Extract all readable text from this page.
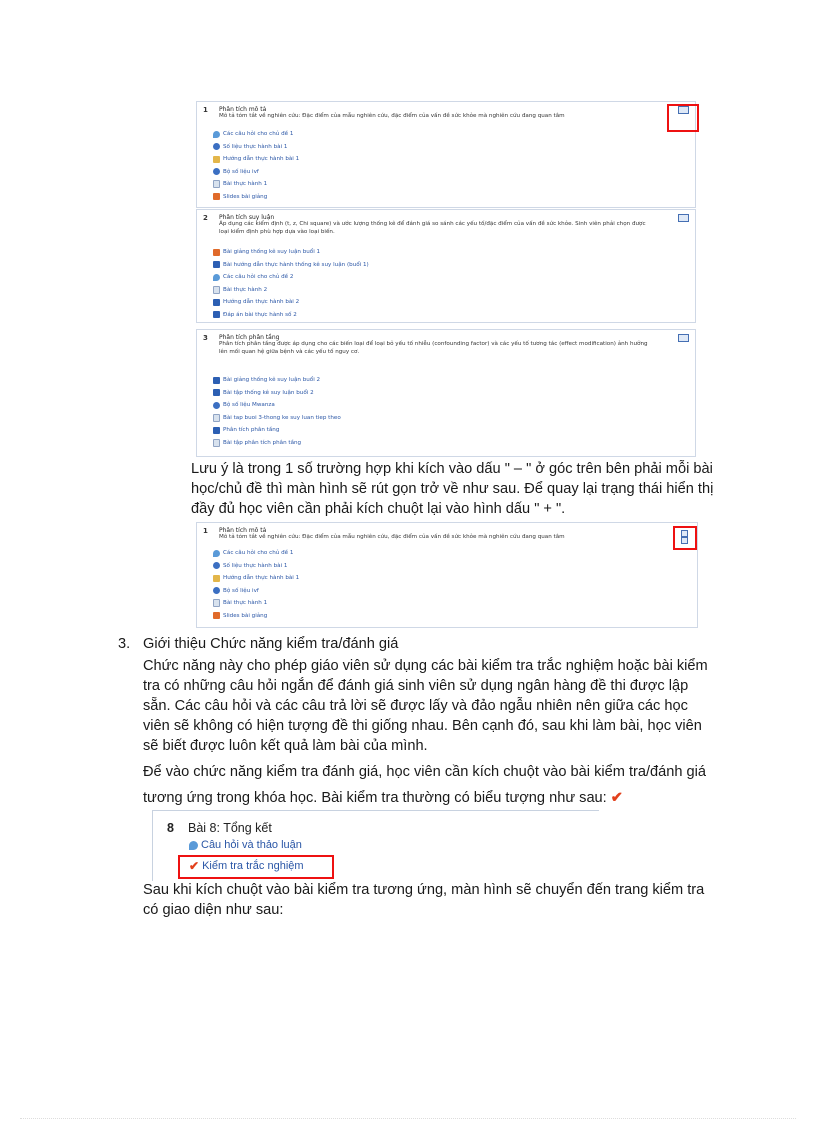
1 Phân tích mô tả
Mô tả tóm tắt về nghiên cứu: Đặc điểm của mẫu nghiên cứu, đặc điểm của vấn đề sức khỏe mà nghiên cứu đang quan tâm
Các câu hỏi cho chủ đề 1
Số liệu thực hành bài 1
Hướng dẫn thực hành bài 1
Bộ số liệu ivf
Bài thực hành 1
Slides bài giảng
2 Phân tích suy luận
Áp dụng các kiểm định (t, z, Chi square) và ước lượng thống kê để đánh giá so sánh các yếu tố/đặc điểm của vấn đề sức khỏe. Sinh viên phải chọn được loại kiểm định phù hợp dựa vào loại biến.
Bài giảng thống kê suy luận buổi 1
Bài hướng dẫn thực hành thống kê suy luận (buổi 1)
Các câu hỏi cho chủ đề 2
Bài thực hành 2
Hướng dẫn thực hành bài 2
Đáp án bài thực hành số 2
3 Phân tích phân tầng
Phân tích phân tầng được áp dụng cho các biến loại để loại bỏ yếu tố nhiễu (confounding factor) và các yếu tố tương tác (effect modification) ảnh hưởng lên mối quan hệ giữa bệnh và các yếu tố nguy cơ.
Bài giảng thống kê suy luận buổi 2
Bài tập thống kê suy luận buổi 2
Bộ số liệu Mwanza
Bài tap buoi 3-thong ke suy luan tiep theo
Phân tích phân tầng
Bài tập phân tích phân tầng

Lưu ý là trong 1 số trường hợp khi kích vào dấu " – " ở góc trên bên phải mỗi bài
học/chủ đề thì màn hình sẽ rút gọn trở về như sau. Để quay lại trạng thái hiển thị
đầy đủ học viên cần phải kích chuột lại vào hình dấu " + ".

1 Phân tích mô tả
Mô tả tóm tắt về nghiên cứu: Đặc điểm của mẫu nghiên cứu, đặc điểm của vấn đề sức khỏe mà nghiên cứu đang quan tâm
Các câu hỏi cho chủ đề 1
Số liệu thực hành bài 1
Hướng dẫn thực hành bài 1
Bộ số liệu ivf
Bài thực hành 1
Slides bài giảng
3. Giới thiệu Chức năng kiểm tra/đánh giá

Chức năng này cho phép giáo viên sử dụng các bài kiểm tra trắc nghiệm hoặc bài kiểm
tra có những câu hỏi ngắn để đánh giá sinh viên sử dụng ngân hàng đề thi được lập
sẵn. Các câu hỏi và các câu trả lời sẽ được lấy và đảo ngẫu nhiên nên giữa các học
viên sẽ không có hiện tượng đề thi giống nhau. Bên cạnh đó, sau khi làm bài, học viên
sẽ biết được luôn kết quả làm bài của mình.

Để vào chức năng kiểm tra đánh giá, học viên cần kích chuột vào bài kiểm tra/đánh giá

tương ứng trong khóa học. Bài kiểm tra thường có biểu tượng như sau: ✔

8 Bài 8: Tổng kết
Câu hỏi và thảo luận
✔ Kiểm tra trắc nghiệm

Sau khi kích chuột vào bài kiểm tra tương ứng, màn hình sẽ chuyển đến trang kiểm tra
có giao diện như sau:
